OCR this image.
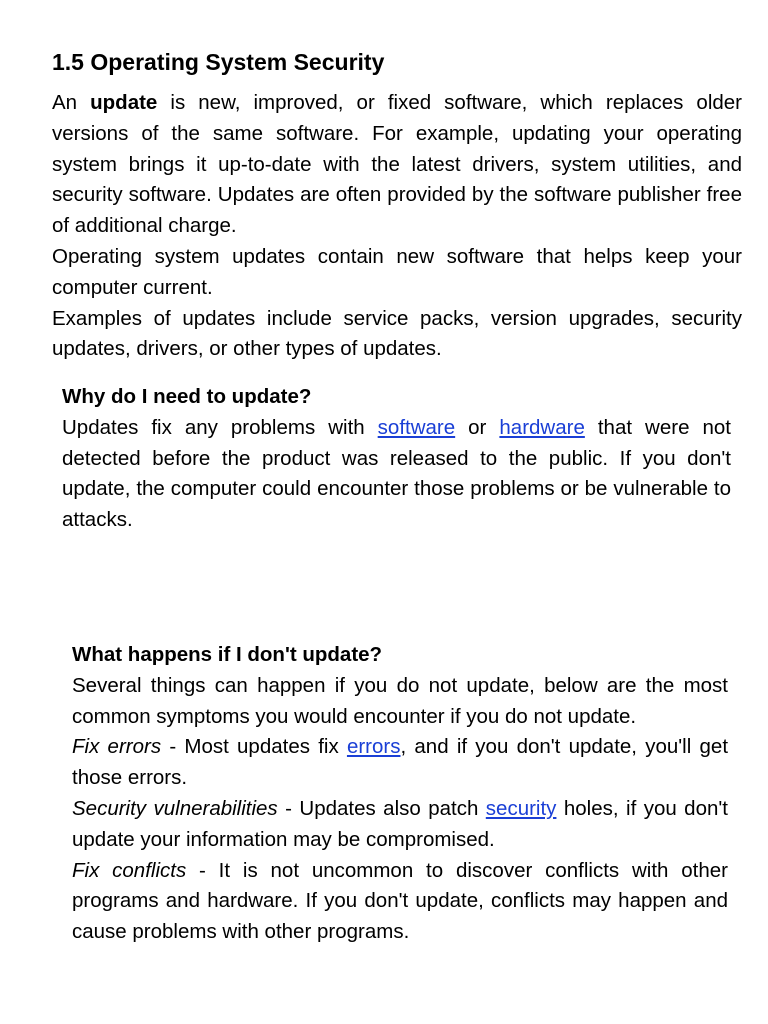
1.5 Operating System Security

An update is new, improved, or fixed software, which replaces older versions of the same software. For example, updating your operating system brings it up-to-date with the latest drivers, system utilities, and security software. Updates are often provided by the software publisher free of additional charge.

Operating system updates contain new software that helps keep your computer current.

Examples of updates include service packs, version upgrades, security updates, drivers, or other types of updates.

Why do I need to update?

Updates fix any problems with software or hardware that were not detected before the product was released to the public. If you don't update, the computer could encounter those problems or be vulnerable to attacks.

What happens if I don't update?

Several things can happen if you do not update, below are the most common symptoms you would encounter if you do not update.

Fix errors - Most updates fix errors, and if you don't update, you'll get those errors.

Security vulnerabilities - Updates also patch security holes, if you don't update your information may be compromised.

Fix conflicts - It is not uncommon to discover conflicts with other programs and hardware. If you don't update, conflicts may happen and cause problems with other programs.
